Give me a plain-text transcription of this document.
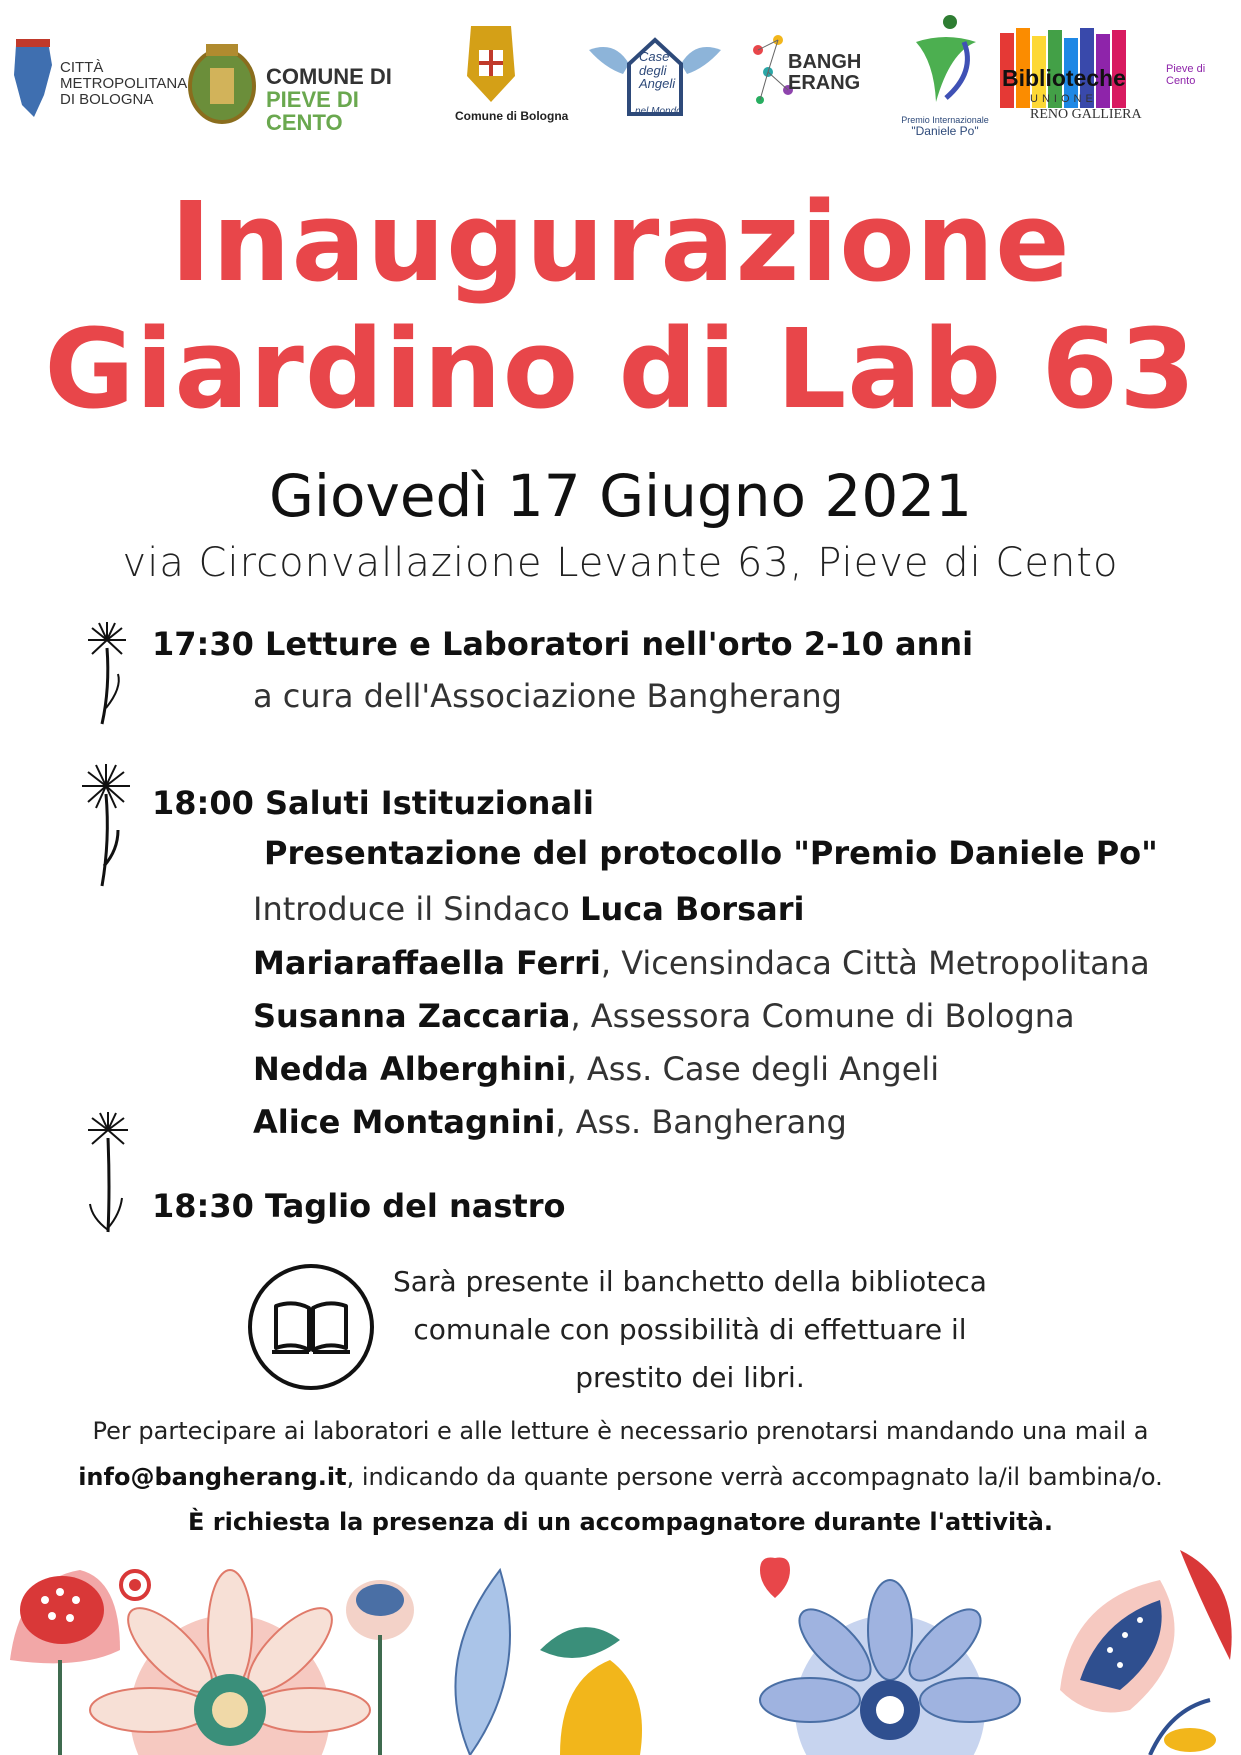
CITTÀ
METROPOLITANA
DI BOLOGNA
COMUNE DI
PIEVE DI CENTO	Comune di Bologna
Case
degli
Angeli
nel Mondo
BANGH
ERANG
Premio Internazionale
"Daniele Po"
Biblioteche
UNIONE
RENO GALLIERA
Pieve di Cento
Inaugurazione
Giardino di Lab 63
Giovedì 17 Giugno 2021
via Circonvallazione Levante 63, Pieve di Cento
17:30 Letture e Laboratori nell'orto 2-10 anni
a cura dell'Associazione Bangherang
18:00 Saluti Istituzionali
Presentazione del protocollo "Premio Daniele Po"
Introduce il Sindaco Luca Borsari
Mariaraffaella Ferri, Vicensindaca Città Metropolitana
Susanna Zaccaria, Assessora Comune di Bologna
Nedda Alberghini, Ass. Case degli Angeli
Alice Montagnini, Ass. Bangherang
18:30 Taglio del nastro
Sarà presente il banchetto della biblioteca
comunale con possibilità di effettuare il
prestito dei libri.
Per partecipare ai laboratori e alle letture è necessario prenotarsi mandando una mail a
info@bangherang.it, indicando da quante persone verrà accompagnato la/il bambina/o.
È richiesta la presenza di un accompagnatore durante l'attività.
